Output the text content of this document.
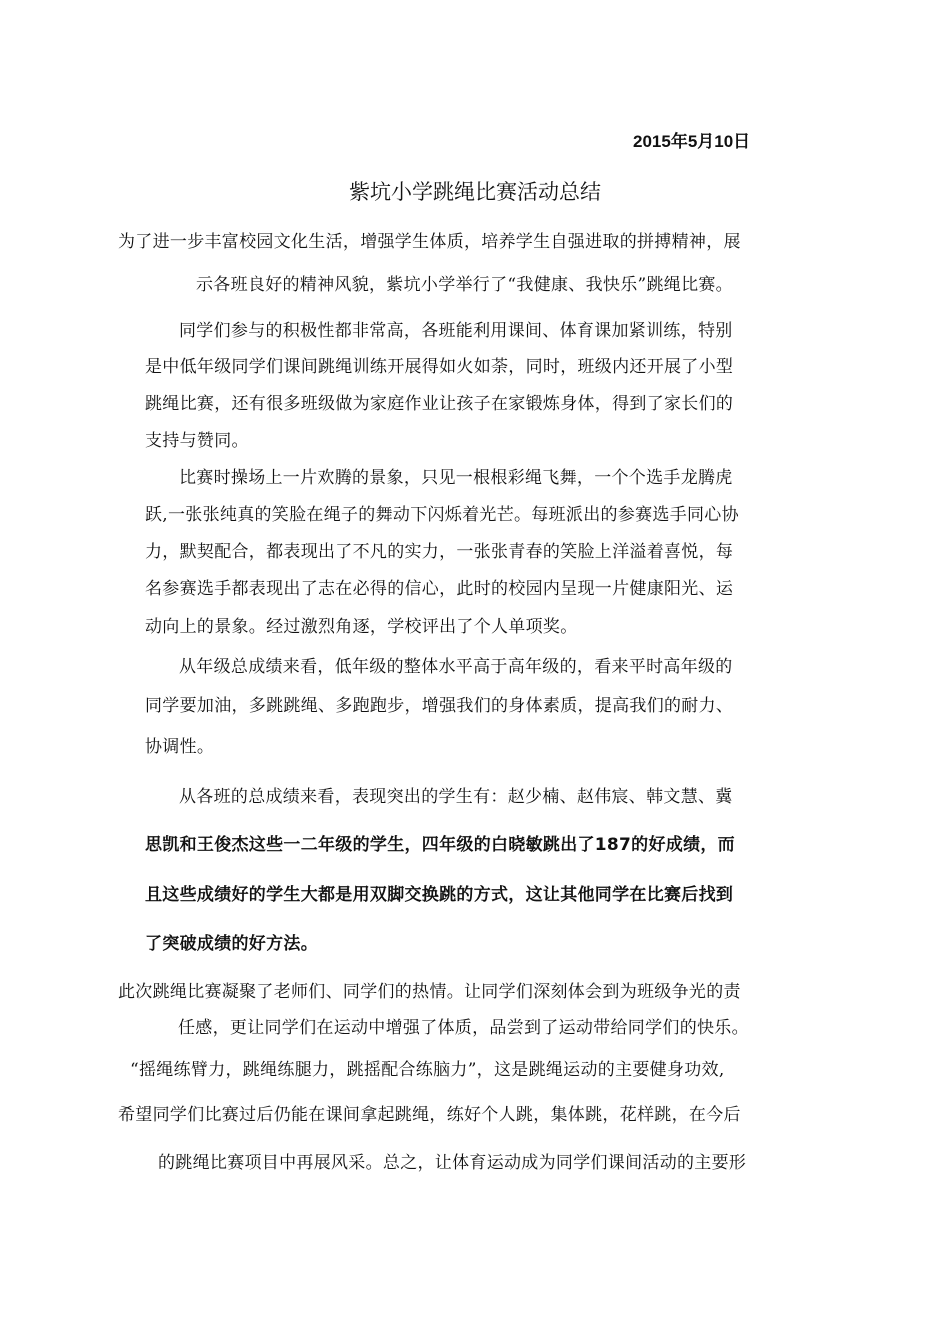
2015年5月10日
紫坑小学跳绳比赛活动总结
为了进一步丰富校园文化生活，增强学生体质，培养学生自强进取的拼搏精神，展
示各班良好的精神风貌，紫坑小学举行了“我健康、我快乐”跳绳比赛。
同学们参与的积极性都非常高，各班能利用课间、体育课加紧训练，特别
是中低年级同学们课间跳绳训练开展得如火如荼，同时，班级内还开展了小型
跳绳比赛，还有很多班级做为家庭作业让孩子在家锻炼身体，得到了家长们的
支持与赞同。
比赛时操场上一片欢腾的景象，只见一根根彩绳飞舞，一个个选手龙腾虎
跃,一张张纯真的笑脸在绳子的舞动下闪烁着光芒。每班派出的参赛选手同心协
力，默契配合，都表现出了不凡的实力，一张张青春的笑脸上洋溢着喜悦，每
名参赛选手都表现出了志在必得的信心，此时的校园内呈现一片健康阳光、运
动向上的景象。经过激烈角逐，学校评出了个人单项奖。
从年级总成绩来看，低年级的整体水平高于高年级的，看来平时高年级的
同学要加油，多跳跳绳、多跑跑步，增强我们的身体素质，提高我们的耐力、
协调性。
从各班的总成绩来看，表现突出的学生有：赵少楠、赵伟宸、韩文慧、冀
思凯和王俊杰这些一二年级的学生，四年级的白晓敏跳出了187的好成绩，而
且这些成绩好的学生大都是用双脚交换跳的方式，这让其他同学在比赛后找到
了突破成绩的好方法。
此次跳绳比赛凝聚了老师们、同学们的热情。让同学们深刻体会到为班级争光的责
任感，更让同学们在运动中增强了体质，品尝到了运动带给同学们的快乐。
“摇绳练臂力，跳绳练腿力，跳摇配合练脑力”，这是跳绳运动的主要健身功效,
希望同学们比赛过后仍能在课间拿起跳绳，练好个人跳，集体跳，花样跳，在今后
的跳绳比赛项目中再展风采。总之，让体育运动成为同学们课间活动的主要形
